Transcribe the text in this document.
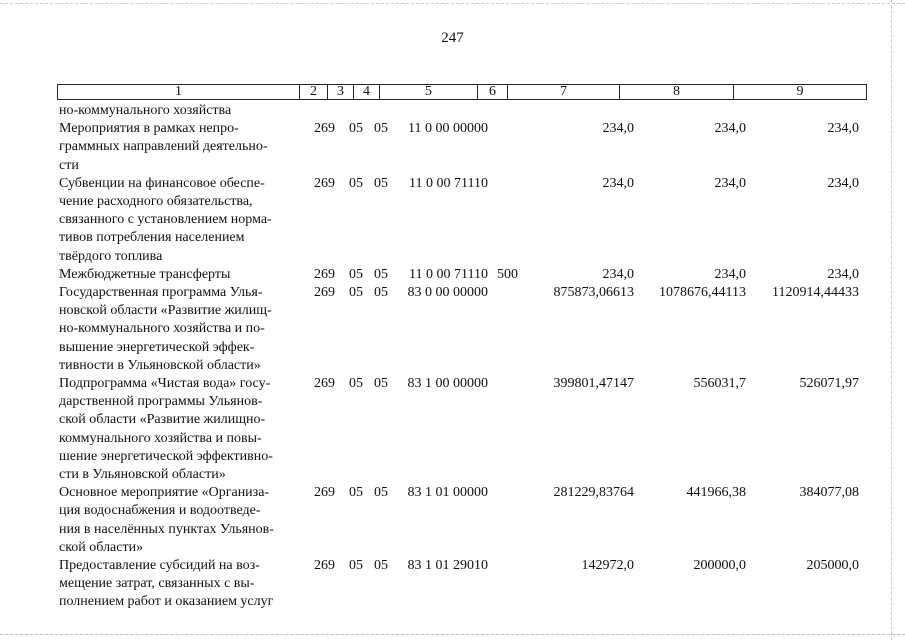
247
1	2	3	4	5	6	7	8	9
но-коммунального хозяйства
Мероприятия в рамках непро-
граммных направлений деятельно-
сти
269	05 05	11 0 00 00000	234,0	234,0	234,0
Субвенции на финансовое обеспе-
чение расходного обязательства,
связанного с установлением норма-
тивов потребления населением
твёрдого топлива
269	05 05	11 0 00 71110	234,0	234,0	234,0
Межбюджетные трансферты	269	05 05	11 0 00 71110 500	234,0	234,0	234,0
Государственная программа Улья-
новской области «Развитие жилищ-
но-коммунального хозяйства и по-
вышение энергетической эффек-
тивности в Ульяновской области»
269	05 05	83 0 00 00000	875873,06613	1078676,44113	1120914,44433
Подпрограмма «Чистая вода» госу-
дарственной программы Ульянов-
ской области «Развитие жилищно-
коммунального хозяйства и повы-
шение энергетической эффективно-
сти в Ульяновской области»
269	05 05	83 1 00 00000	399801,47147	556031,7	526071,97
Основное мероприятие «Организа-
ция водоснабжения и водоотведе-
ния в населённых пунктах Ульянов-
ской области»
269	05 05	83 1 01 00000	281229,83764	441966,38	384077,08
Предоставление субсидий на воз-
мещение затрат, связанных с вы-
полнением работ и оказанием услуг
269	05 05	83 1 01 29010	142972,0	200000,0	205000,0
